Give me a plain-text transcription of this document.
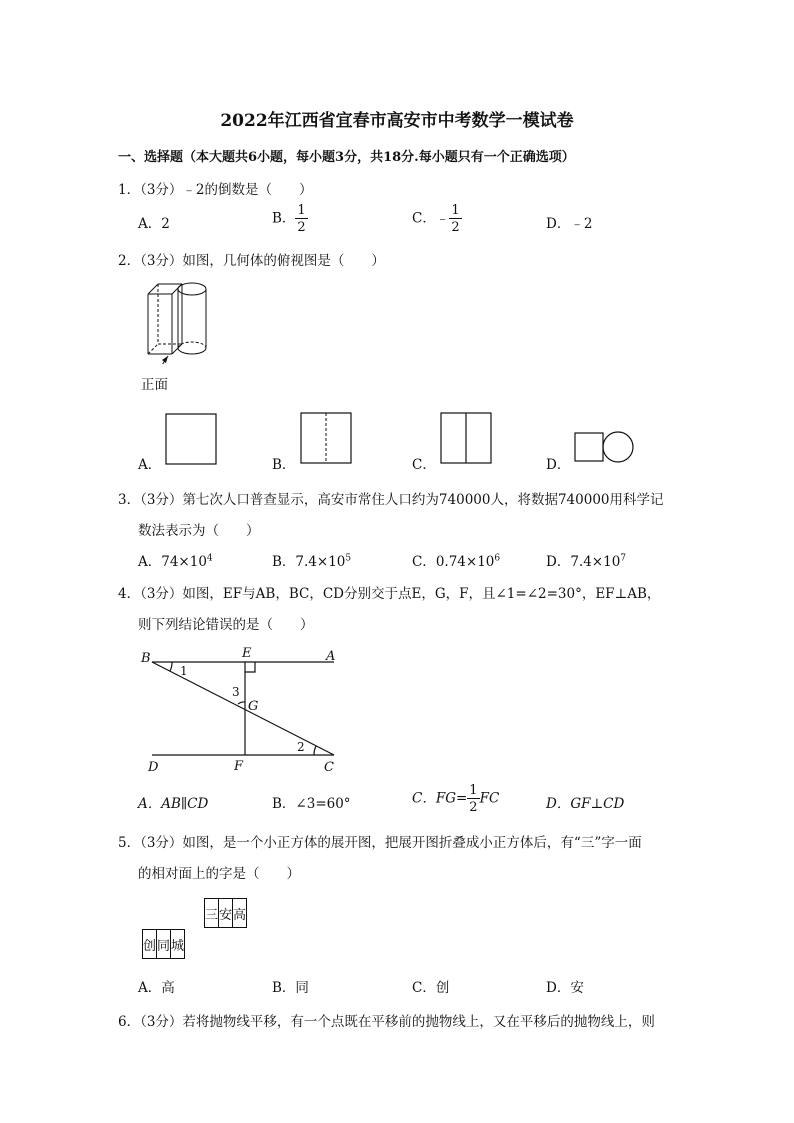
2022年江西省宜春市高安市中考数学一模试卷
一、选择题（本大题共6小题，每小题3分，共18分.每小题只有一个正确选项）
1．（3分）﹣2的倒数是（　　）
A．2	B． $\frac{1}{2}$	C．﹣ $\frac{1}{2}$	D．﹣2
2．（3分）如图，几何体的俯视图是（　　）
正面
A．	B．	C．	D．
3．（3分）第七次人口普查显示，高安市常住人口约为740000人，将数据740000用科学记
数法表示为（　　）
A．$74\times 10^4$	B．$7.4\times 10^5$	C．$0.74\times 10^6$	D．$7.4\times 10^7$
4．（3分）如图，EF与AB，BC，CD分别交于点E，G，F，且∠1=∠2=30°，EF⊥AB，
则下列结论错误的是（　　）
B	E	A
D	F	C
G
1
2
3
A．AB∥CD	B．∠3=60°	C．$FG= \frac{1}{2}$ FC	D．GF⊥CD
5．（3分）如图，是一个小正方体的展开图，把展开图折叠成小正方体后，有“三”字一面
的相对面上的字是（　　）
三	安	高
创	同	城
A．高	B．同	C．创	D．安
6．（3分）若将抛物线平移，有一个点既在平移前的抛物线上，又在平移后的抛物线上，则
